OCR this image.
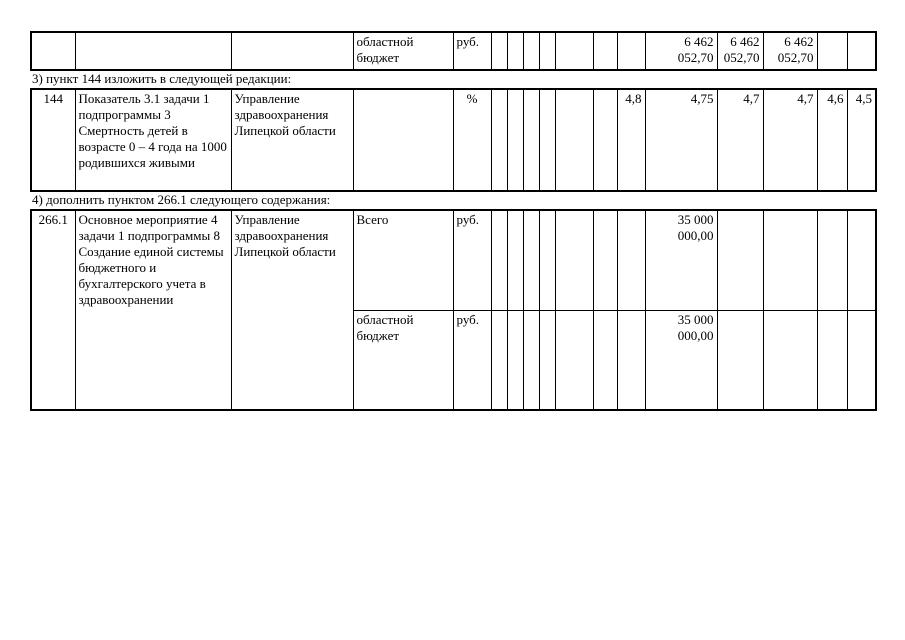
			областной бюджет	руб.								6 462 052,70	6 462 052,70	6 462 052,70		
3) пункт 144 изложить в следующей редакции:
144	Показатель 3.1 задачи 1 подпрограммы 3 Смертность детей в возрасте 0 – 4 года на 1000 родившихся живыми	Управление здравоохранения Липецкой области		%							4,8	4,75	4,7	4,7	4,6	4,5
4) дополнить пунктом 266.1 следующего содержания:
266.1	Основное мероприятие 4 задачи 1 подпрограммы 8 Создание единой системы бюджетного и бухгалтерского учета в здравоохранении	Управление здравоохранения Липецкой области	Всего	руб.								35 000 000,00				
			областной бюджет	руб.								35 000 000,00				
